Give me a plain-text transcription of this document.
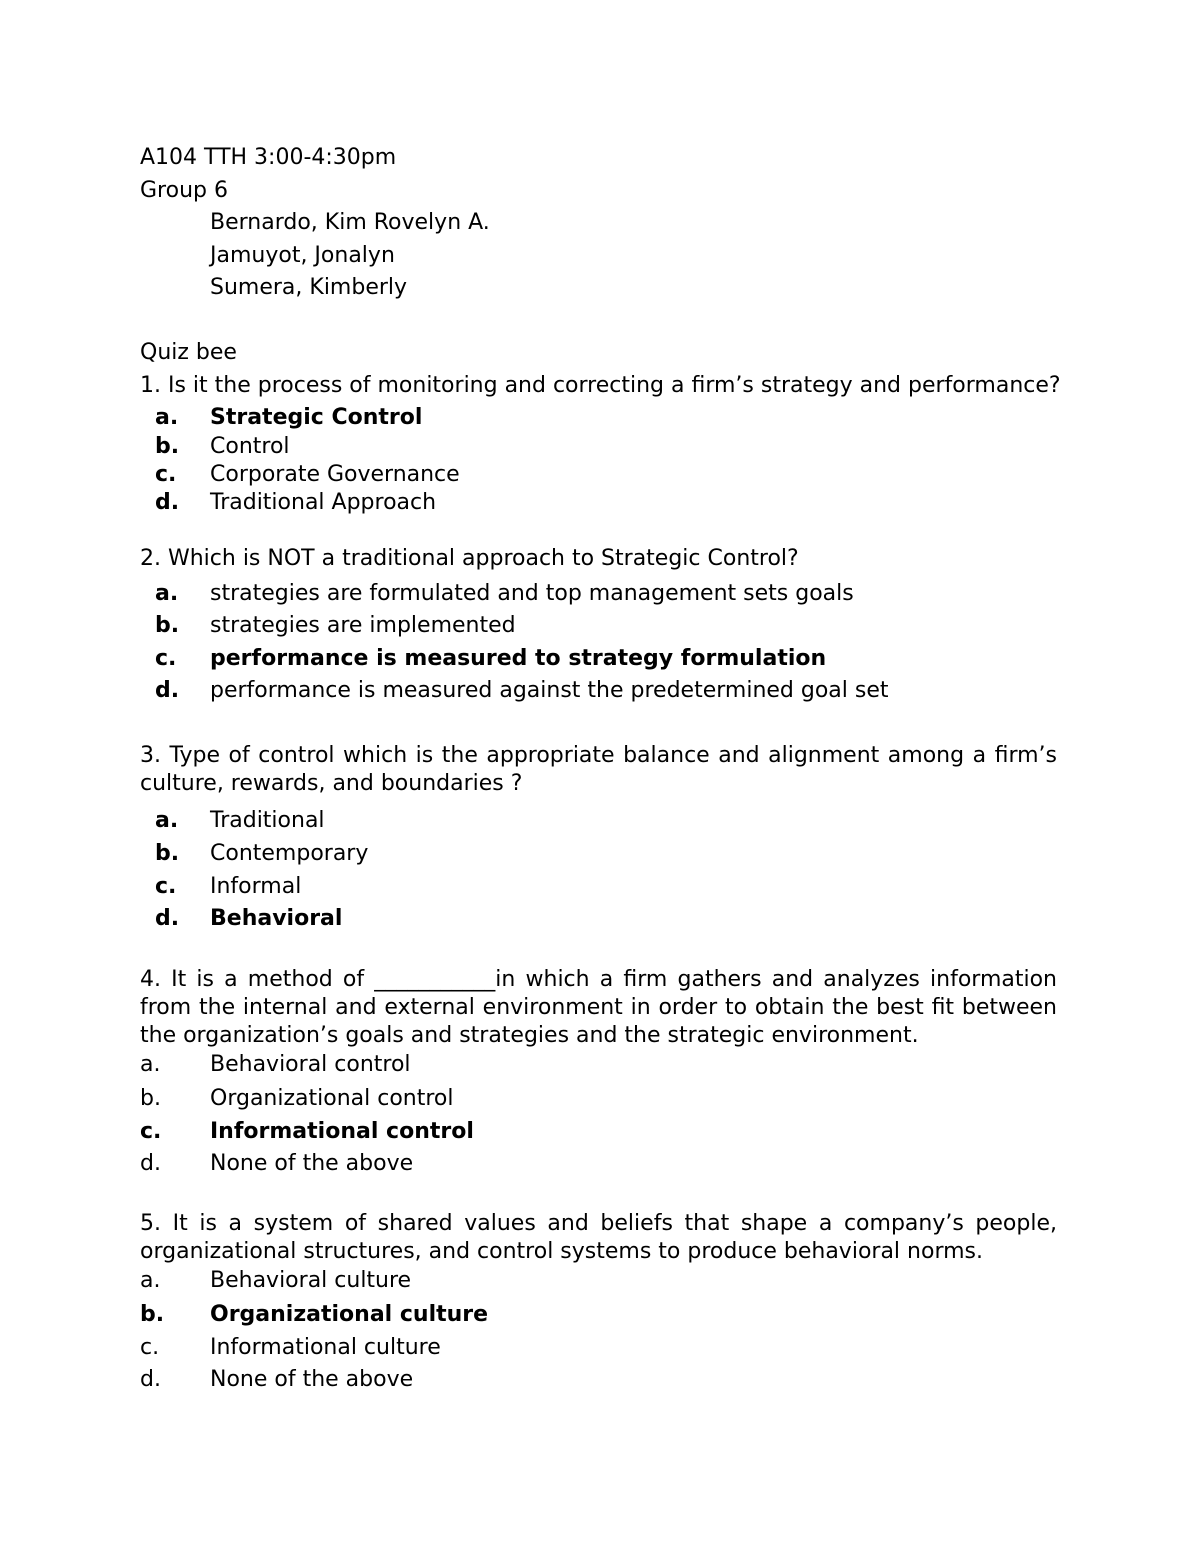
A104 TTH 3:00-4:30pm
Group 6
Bernardo, Kim Rovelyn A.
Jamuyot, Jonalyn
Sumera, Kimberly
Quiz bee
1. Is it the process of monitoring and correcting a firm’s strategy and performance?
a. Strategic Control
b. Control
c. Corporate Governance
d. Traditional Approach
2. Which is NOT a traditional approach to Strategic Control?
a. strategies are formulated and top management sets goals
b. strategies are implemented
c. performance is measured to strategy formulation
d. performance is measured against the predetermined goal set
3. Type of control which is the appropriate balance and alignment among a firm’s culture, rewards, and boundaries ?
a. Traditional
b. Contemporary
c. Informal
d. Behavioral
4. It is a method of ___________in which a firm gathers and analyzes information from the internal and external environment in order to obtain the best fit between the organization’s goals and strategies and the strategic environment.
a. Behavioral control
b. Organizational control
c. Informational control
d. None of the above
5. It is a system of shared values and beliefs that shape a company’s people, organizational structures, and control systems to produce behavioral norms.
a. Behavioral culture
b. Organizational culture
c. Informational culture
d. None of the above
